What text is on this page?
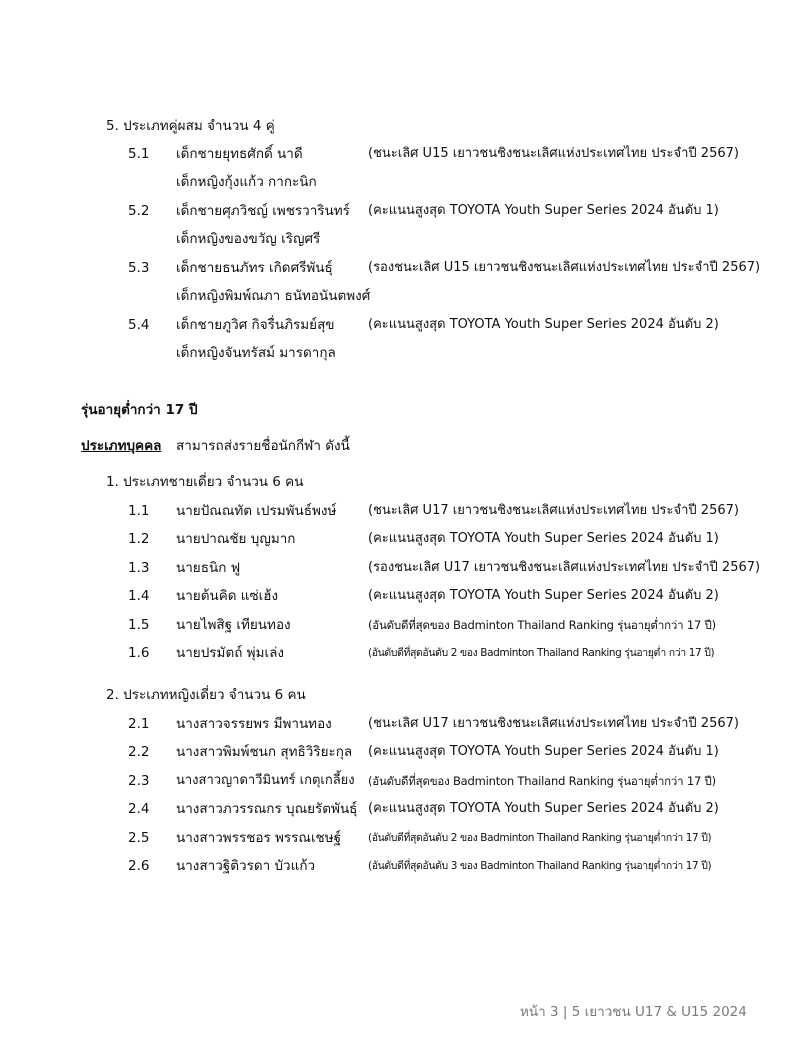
5. ประเภทคู่ผสม จำนวน 4 คู่
5.1 เด็กชายยุทธศักดิ์ นาดี	(ชนะเลิศ U15 เยาวชนชิงชนะเลิศแห่งประเทศไทย ประจำปี 2567)
เด็กหญิงกุ้งแก้ว กากะนิก
5.2 เด็กชายศุภวิชญ์ เพชรวารินทร์ (คะแนนสูงสุด TOYOTA Youth Super Series 2024 อันดับ 1)
เด็กหญิงของขวัญ เริญศรี
5.3 เด็กชายธนภัทร เกิดศรีพันธุ์	(รองชนะเลิศ U15 เยาวชนชิงชนะเลิศแห่งประเทศไทย ประจำปี 2567)
เด็กหญิงพิมพ์ณภา ธนัทอนันตพงศ์
5.4 เด็กชายภูวิศ กิจรื่นภิรมย์สุข	(คะแนนสูงสุด TOYOTA Youth Super Series 2024 อันดับ 2)
เด็กหญิงจันทรัสม์ มารดากุล
รุ่นอายุต่ำกว่า 17 ปี
ประเภทบุคคล สามารถส่งรายชื่อนักกีฬา ดังนี้
1. ประเภทชายเดี่ยว จำนวน 6 คน
1.1 นายปัณณทัต เปรมพันธ์พงษ์ (ชนะเลิศ U17 เยาวชนชิงชนะเลิศแห่งประเทศไทย ประจำปี 2567)
1.2 นายปาณชัย บุญมาก	(คะแนนสูงสุด TOYOTA Youth Super Series 2024 อันดับ 1)
1.3 นายธนิก ฟู	(รองชนะเลิศ U17 เยาวชนชิงชนะเลิศแห่งประเทศไทย ประจำปี 2567)
1.4 นายต้นคิด แซ่เฮ้ง	(คะแนนสูงสุด TOYOTA Youth Super Series 2024 อันดับ 2)
1.5 นายไพสิฐ เทียนทอง	(อันดับดีที่สุดของ Badminton Thailand Ranking รุ่นอายุต่ำกว่า 17 ปี)
1.6 นายปรมัตถ์ พุ่มเล่ง	(อันดับดีที่สุดอันดับ 2 ของ Badminton Thailand Ranking รุ่นอายุต่ำ กว่า 17 ปี)
2. ประเภทหญิงเดี่ยว จำนวน 6 คน
2.1 นางสาวจรรยพร มีพานทอง	(ชนะเลิศ U17 เยาวชนชิงชนะเลิศแห่งประเทศไทย ประจำปี 2567)
2.2 นางสาวพิมพ์ชนก สุทธิวิริยะกุล (คะแนนสูงสุด TOYOTA Youth Super Series 2024 อันดับ 1)
2.3 นางสาวญาดาวีมินทร์ เกตุเกลี้ยง (อันดับดีที่สุดของ Badminton Thailand Ranking รุ่นอายุต่ำกว่า 17 ปี)
2.4 นางสาวภวรรณกร บุณยรัตพันธุ์ (คะแนนสูงสุด TOYOTA Youth Super Series 2024 อันดับ 2)
2.5 นางสาวพรรชอร พรรณเชษฐ์	(อันดับดีที่สุดอันดับ 2 ของ Badminton Thailand Ranking รุ่นอายุต่ำกว่า 17 ปี)
2.6 นางสาวฐิติวรดา บัวแก้ว	(อันดับดีที่สุดอันดับ 3 ของ Badminton Thailand Ranking รุ่นอายุต่ำกว่า 17 ปี)
หน้า 3 | 5 เยาวชน U17 & U15 2024
